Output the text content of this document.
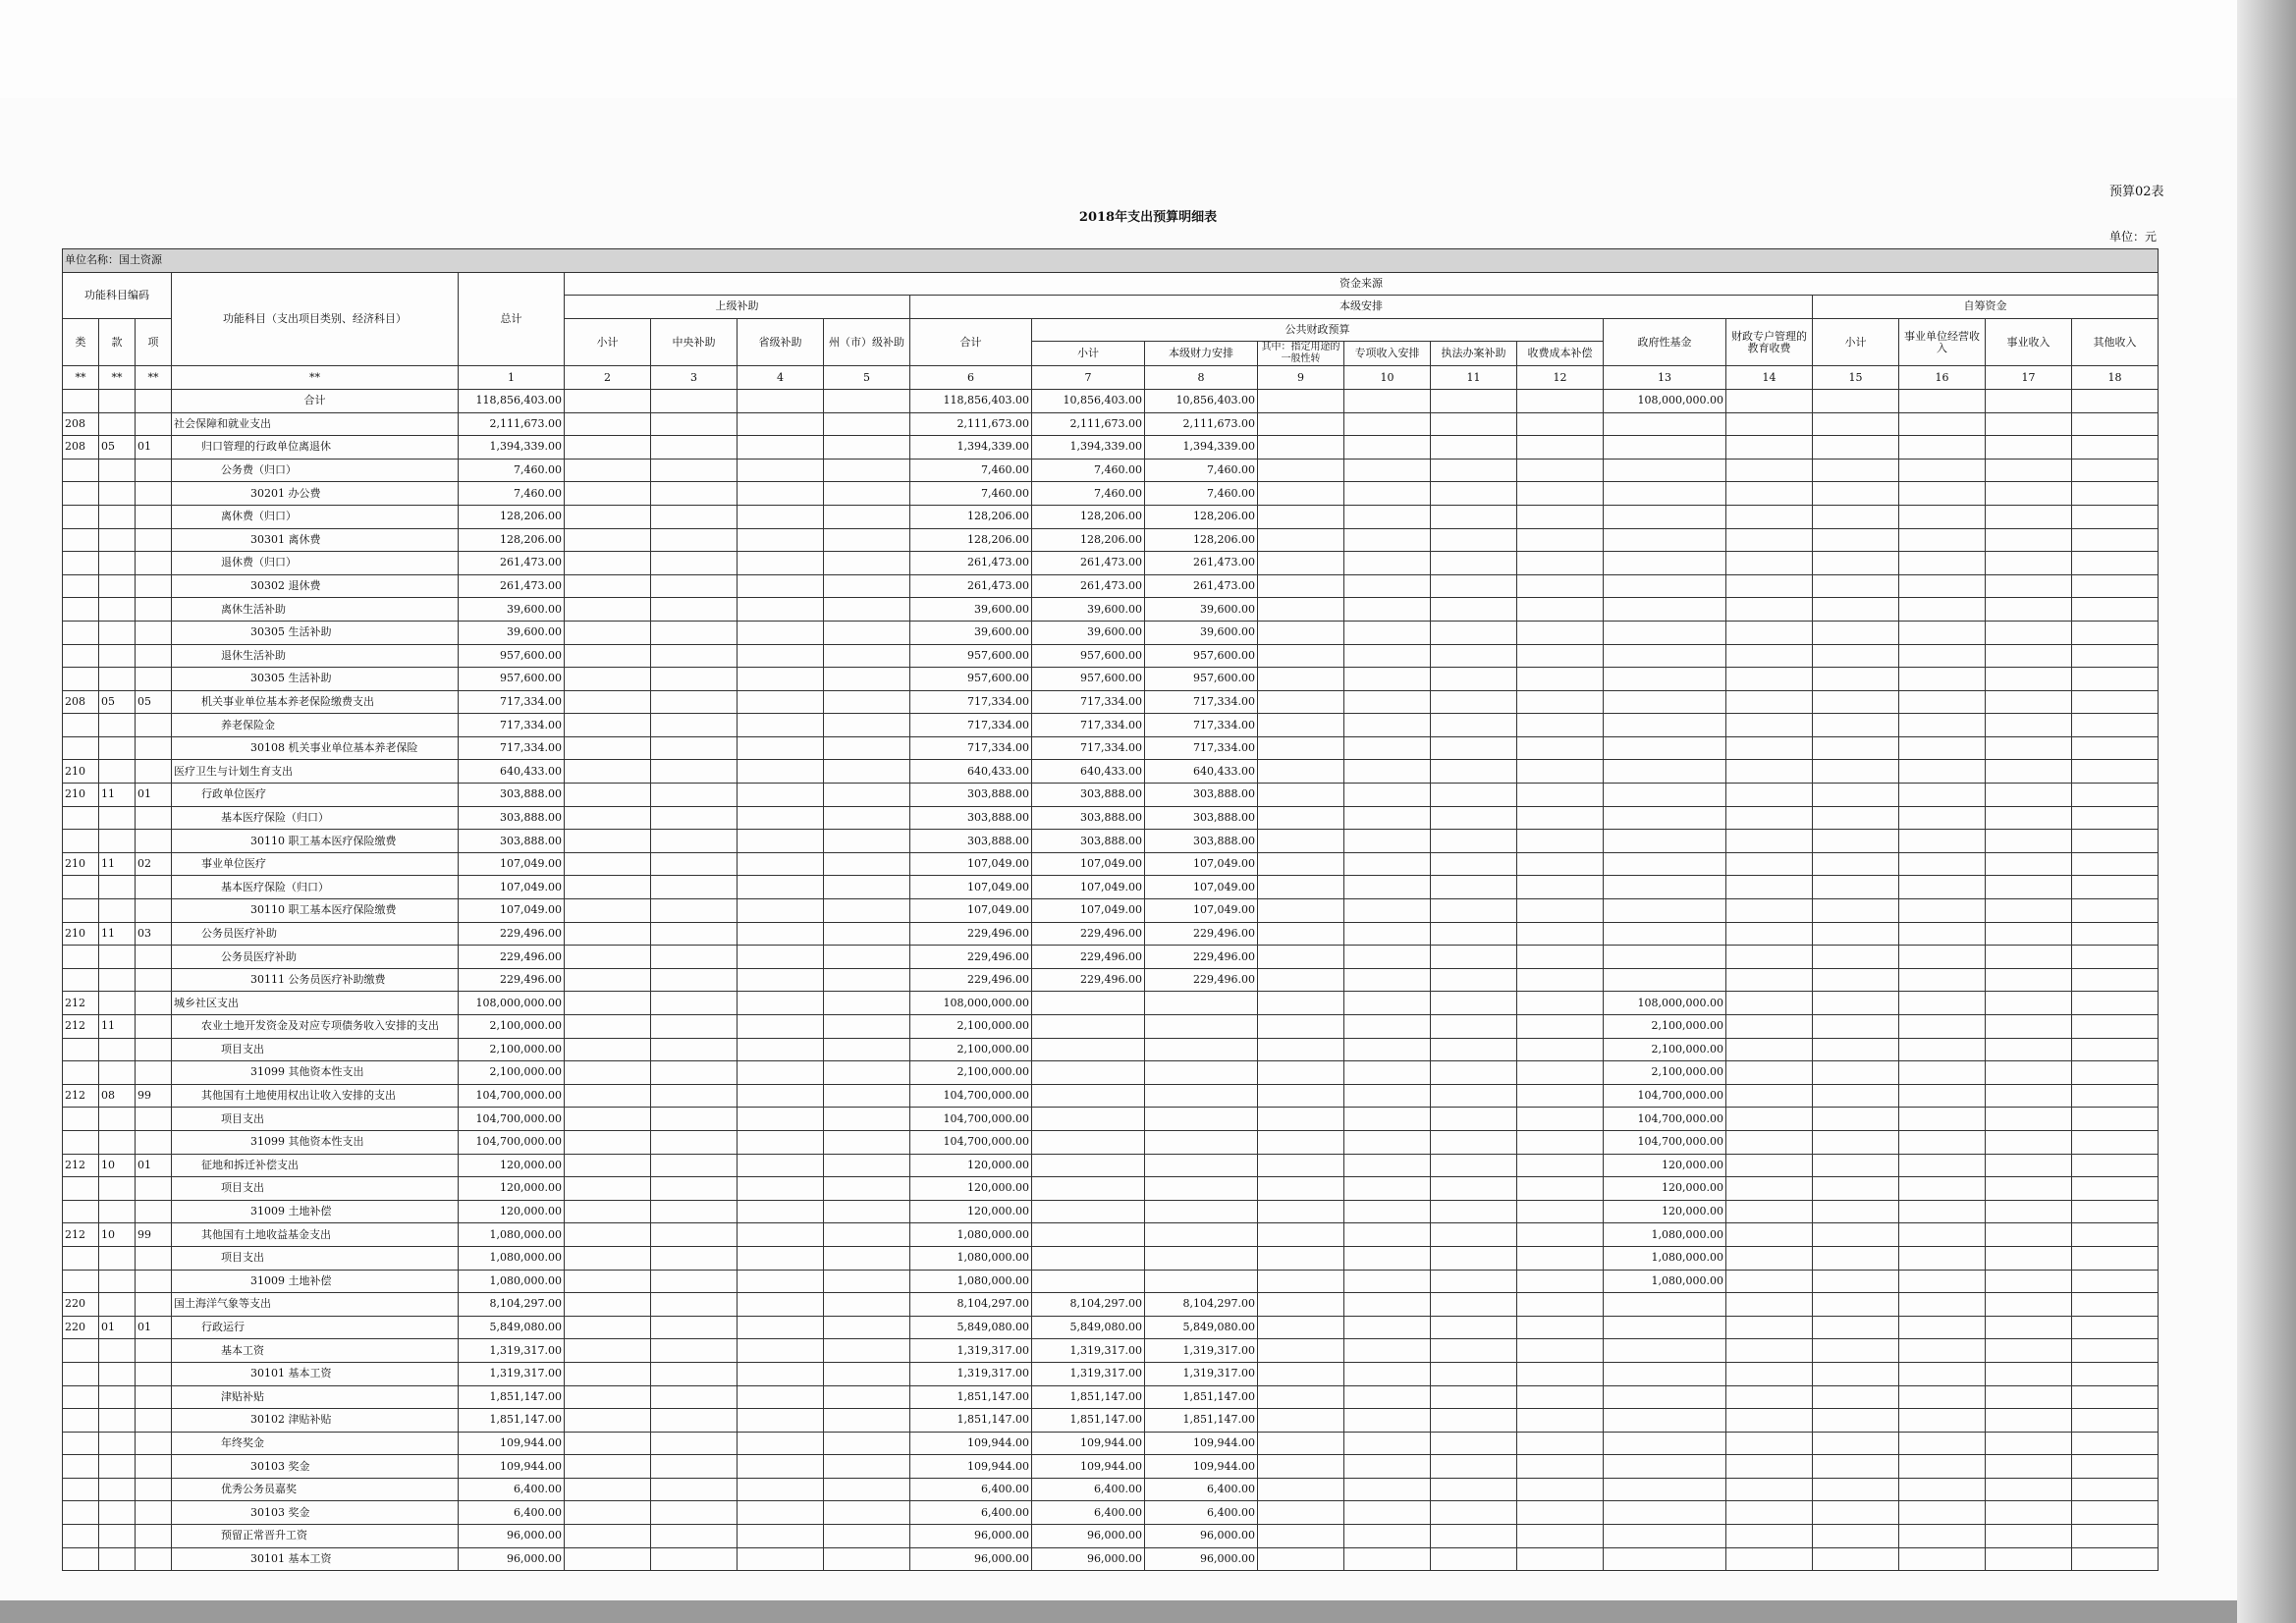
预算02表
2018年支出预算明细表
单位：元
单位名称：国土资源																					
功能科目编码			功能科目（支出项目类别、经济科目）	总计	资金来源																
					上级补助				本级安排									自筹资金			
类	款	项			小计	中央补助	省级补助	州（市）级补助	合计	公共财政预算						政府性基金	财政专户管理的教育收费	小计	事业单位经营收入	事业收入	其他收入
										小计	本级财力安排	其中：指定用途的一般性转	专项收入安排	执法办案补助	收费成本补偿						
**	**	**	**	1	2	3	4	5	6	7	8	9	10	11	12	13	14	15	16	17	18
			合计	118,856,403.00					118,856,403.00	10,856,403.00	10,856,403.00					108,000,000.00					
208			社会保障和就业支出	2,111,673.00					2,111,673.00	2,111,673.00	2,111,673.00										
208	05	01	归口管理的行政单位离退休	1,394,339.00					1,394,339.00	1,394,339.00	1,394,339.00										
			公务费（归口）	7,460.00					7,460.00	7,460.00	7,460.00										
			30201 办公费	7,460.00					7,460.00	7,460.00	7,460.00										
			离休费（归口）	128,206.00					128,206.00	128,206.00	128,206.00										
			30301 离休费	128,206.00					128,206.00	128,206.00	128,206.00										
			退休费（归口）	261,473.00					261,473.00	261,473.00	261,473.00										
			30302 退休费	261,473.00					261,473.00	261,473.00	261,473.00										
			离休生活补助	39,600.00					39,600.00	39,600.00	39,600.00										
			30305 生活补助	39,600.00					39,600.00	39,600.00	39,600.00										
			退休生活补助	957,600.00					957,600.00	957,600.00	957,600.00										
			30305 生活补助	957,600.00					957,600.00	957,600.00	957,600.00										
208	05	05	机关事业单位基本养老保险缴费支出	717,334.00					717,334.00	717,334.00	717,334.00										
			养老保险金	717,334.00					717,334.00	717,334.00	717,334.00										
			30108 机关事业单位基本养老保险	717,334.00					717,334.00	717,334.00	717,334.00										
210			医疗卫生与计划生育支出	640,433.00					640,433.00	640,433.00	640,433.00										
210	11	01	行政单位医疗	303,888.00					303,888.00	303,888.00	303,888.00										
			基本医疗保险（归口）	303,888.00					303,888.00	303,888.00	303,888.00										
			30110 职工基本医疗保险缴费	303,888.00					303,888.00	303,888.00	303,888.00										
210	11	02	事业单位医疗	107,049.00					107,049.00	107,049.00	107,049.00										
			基本医疗保险（归口）	107,049.00					107,049.00	107,049.00	107,049.00										
			30110 职工基本医疗保险缴费	107,049.00					107,049.00	107,049.00	107,049.00										
210	11	03	公务员医疗补助	229,496.00					229,496.00	229,496.00	229,496.00										
			公务员医疗补助	229,496.00					229,496.00	229,496.00	229,496.00										
			30111 公务员医疗补助缴费	229,496.00					229,496.00	229,496.00	229,496.00										
212			城乡社区支出	108,000,000.00					108,000,000.00							108,000,000.00					
212	11		农业土地开发资金及对应专项债务收入安排的支出	2,100,000.00					2,100,000.00							2,100,000.00					
			项目支出	2,100,000.00					2,100,000.00							2,100,000.00					
			31099 其他资本性支出	2,100,000.00					2,100,000.00							2,100,000.00					
212	08	99	其他国有土地使用权出让收入安排的支出	104,700,000.00					104,700,000.00							104,700,000.00					
			项目支出	104,700,000.00					104,700,000.00							104,700,000.00					
			31099 其他资本性支出	104,700,000.00					104,700,000.00							104,700,000.00					
212	10	01	征地和拆迁补偿支出	120,000.00					120,000.00							120,000.00					
			项目支出	120,000.00					120,000.00							120,000.00					
			31009 土地补偿	120,000.00					120,000.00							120,000.00					
212	10	99	其他国有土地收益基金支出	1,080,000.00					1,080,000.00							1,080,000.00					
			项目支出	1,080,000.00					1,080,000.00							1,080,000.00					
			31009 土地补偿	1,080,000.00					1,080,000.00							1,080,000.00					
220			国土海洋气象等支出	8,104,297.00					8,104,297.00	8,104,297.00	8,104,297.00										
220	01	01	行政运行	5,849,080.00					5,849,080.00	5,849,080.00	5,849,080.00										
			基本工资	1,319,317.00					1,319,317.00	1,319,317.00	1,319,317.00										
			30101 基本工资	1,319,317.00					1,319,317.00	1,319,317.00	1,319,317.00										
			津贴补贴	1,851,147.00					1,851,147.00	1,851,147.00	1,851,147.00										
			30102 津贴补贴	1,851,147.00					1,851,147.00	1,851,147.00	1,851,147.00										
			年终奖金	109,944.00					109,944.00	109,944.00	109,944.00										
			30103 奖金	109,944.00					109,944.00	109,944.00	109,944.00										
			优秀公务员嘉奖	6,400.00					6,400.00	6,400.00	6,400.00										
			30103 奖金	6,400.00					6,400.00	6,400.00	6,400.00										
			预留正常晋升工资	96,000.00					96,000.00	96,000.00	96,000.00										
			30101 基本工资	96,000.00					96,000.00	96,000.00	96,000.00										
